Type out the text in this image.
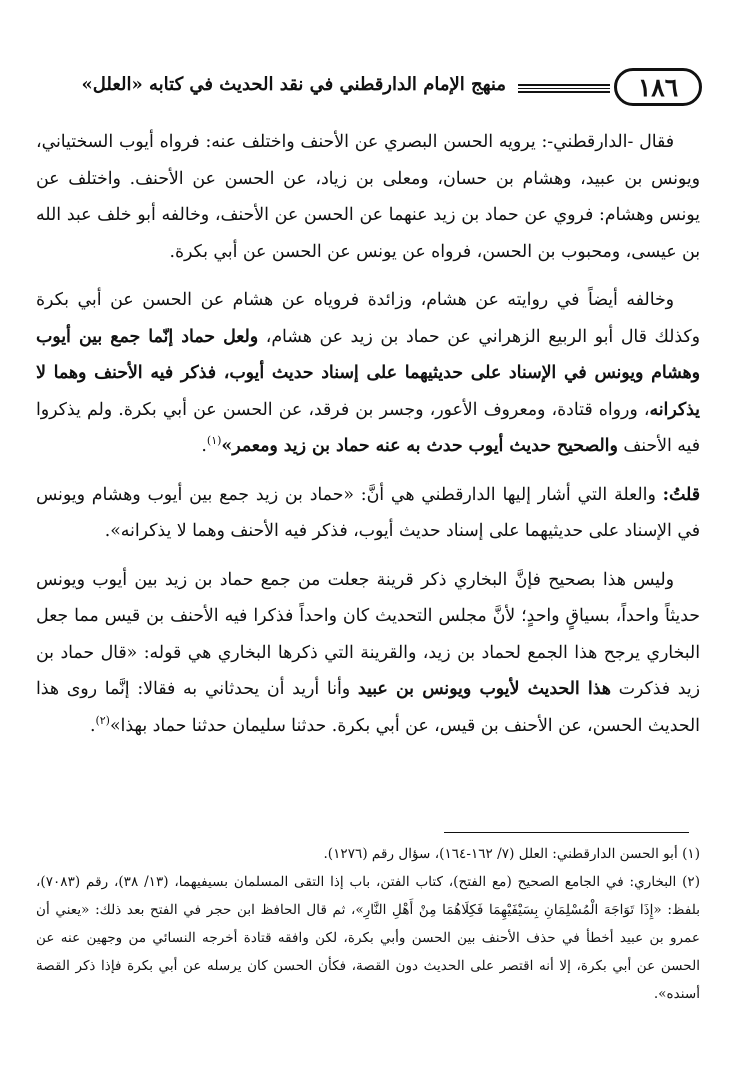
١٨٦
منهج الإمام الدارقطني في نقد الحديث في كتابه «العلل»

فقال -الدارقطني-: يرويه الحسن البصري عن الأحنف واختلف عنه: فرواه أيوب السختياني، ويونس بن عبيد، وهشام بن حسان، ومعلى بن زياد، عن الحسن عن الأحنف. واختلف عن يونس وهشام: فروي عن حماد بن زيد عنهما عن الحسن عن الأحنف، وخالفه أبو خلف عبد الله بن عيسى، ومحبوب بن الحسن، فرواه عن يونس عن الحسن عن أبي بكرة.

وخالفه أيضاً في روايته عن هشام، وزائدة فروياه عن هشام عن الحسن عن أبي بكرة وكذلك قال أبو الربيع الزهراني عن حماد بن زيد عن هشام، ولعل حماد إنّما جمع بين أيوب وهشام ويونس في الإسناد على حديثيهما على إسناد حديث أيوب، فذكر فيه الأحنف وهما لا يذكرانه، ورواه قتادة، ومعروف الأعور، وجسر بن فرقد، عن الحسن عن أبي بكرة. ولم يذكروا فيه الأحنف والصحيح حديث أيوب حدث به عنه حماد بن زيد ومعمر»$^{(١)}$.

قلتُ: والعلة التي أشار إليها الدارقطني هي أنَّ: «حماد بن زيد جمع بين أيوب وهشام ويونس في الإسناد على حديثيهما على إسناد حديث أيوب، فذكر فيه الأحنف وهما لا يذكرانه».

وليس هذا بصحيح فإنَّ البخاري ذكر قرينة جعلت من جمع حماد بن زيد بين أيوب ويونس حديثاً واحداً، بسياقٍ واحدٍ؛ لأنَّ مجلس التحديث كان واحداً فذكرا فيه الأحنف بن قيس مما جعل البخاري يرجح هذا الجمع لحماد بن زيد، والقرينة التي ذكرها البخاري هي قوله: «قال حماد بن زيد فذكرت هذا الحديث لأيوب ويونس بن عبيد وأنا أريد أن يحدثاني به فقالا: إنَّما روى هذا الحديث الحسن، عن الأحنف بن قيس، عن أبي بكرة. حدثنا سليمان حدثنا حماد بهذا»$^{(٢)}$.

(١) أبو الحسن الدارقطني: العلل (٧/ ١٦٢-١٦٤)، سؤال رقم (١٢٧٦).

(٢) البخاري: في الجامع الصحيح (مع الفتح)، كتاب الفتن، باب إذا التقى المسلمان بسيفيهما، (١٣/ ٣٨)، رقم (٧٠٨٣)، بلفظ: «إِذَا تَوَاجَهَ الْمُسْلِمَانِ بِسَيْفَيْهِمَا فَكِلَاهُمَا مِنْ أَهْلِ النَّارِ»، ثم قال الحافظ ابن حجر في الفتح بعد ذلك: «يعني أن عمرو بن عبيد أخطأ في حذف الأحنف بين الحسن وأبي بكرة، لكن وافقه قتادة أخرجه النسائي من وجهين عنه عن الحسن عن أبي بكرة، إلا أنه اقتصر على الحديث دون القصة، فكأن الحسن كان يرسله عن أبي بكرة فإذا ذكر القصة أسنده».
